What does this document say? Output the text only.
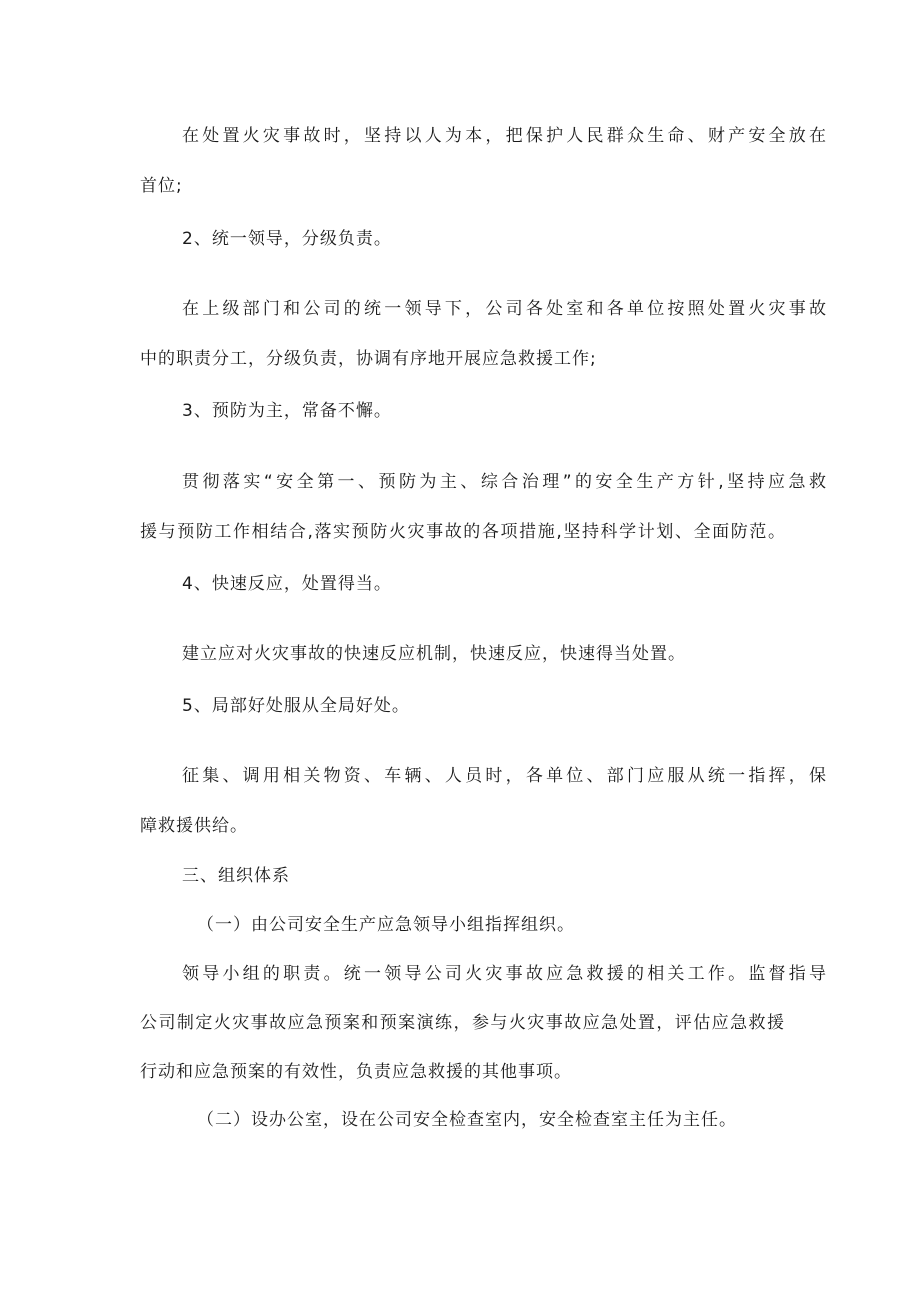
在处置火灾事故时，坚持以人为本，把保护人民群众生命、财产安全放在
首位;
2、统一领导，分级负责。
在上级部门和公司的统一领导下，公司各处室和各单位按照处置火灾事故
中的职责分工，分级负责，协调有序地开展应急救援工作;
3、预防为主，常备不懈。
贯彻落实“安全第一、预防为主、综合治理”的安全生产方针,坚持应急救
援与预防工作相结合,落实预防火灾事故的各项措施,坚持科学计划、全面防范。
4、快速反应，处置得当。
建立应对火灾事故的快速反应机制，快速反应，快速得当处置。
5、局部好处服从全局好处。
征集、调用相关物资、车辆、人员时，各单位、部门应服从统一指挥，保
障救援供给。
三、组织体系
（一）由公司安全生产应急领导小组指挥组织。
领导小组的职责。统一领导公司火灾事故应急救援的相关工作。监督指导
公司制定火灾事故应急预案和预案演练，参与火灾事故应急处置，评估应急救援
行动和应急预案的有效性，负责应急救援的其他事项。
（二）设办公室，设在公司安全检查室内，安全检查室主任为主任。
